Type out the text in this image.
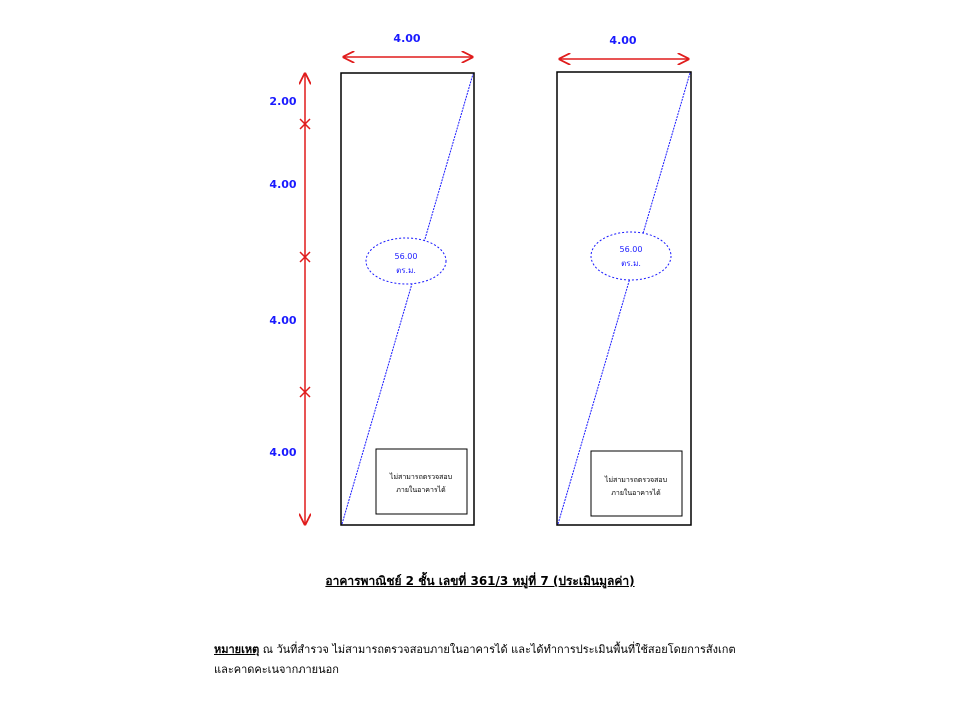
4.00	4.00
2.00
4.00
4.00
4.00
56.00
ตร.ม.
ไม่สามารถตรวจสอบ
ภายในอาคารได้
56.00
ตร.ม.
ไม่สามารถตรวจสอบ
ภายในอาคารได้
อาคารพาณิชย์ 2 ชั้น เลขที่ 361/3 หมู่ที่ 7 (ประเมินมูลค่า)
หมายเหตุ ณ วันที่สำรวจ ไม่สามารถตรวจสอบภายในอาคารได้ และได้ทำการประเมินพื้นที่ใช้สอยโดยการสังเกตและคาดคะเนจากภายนอก
